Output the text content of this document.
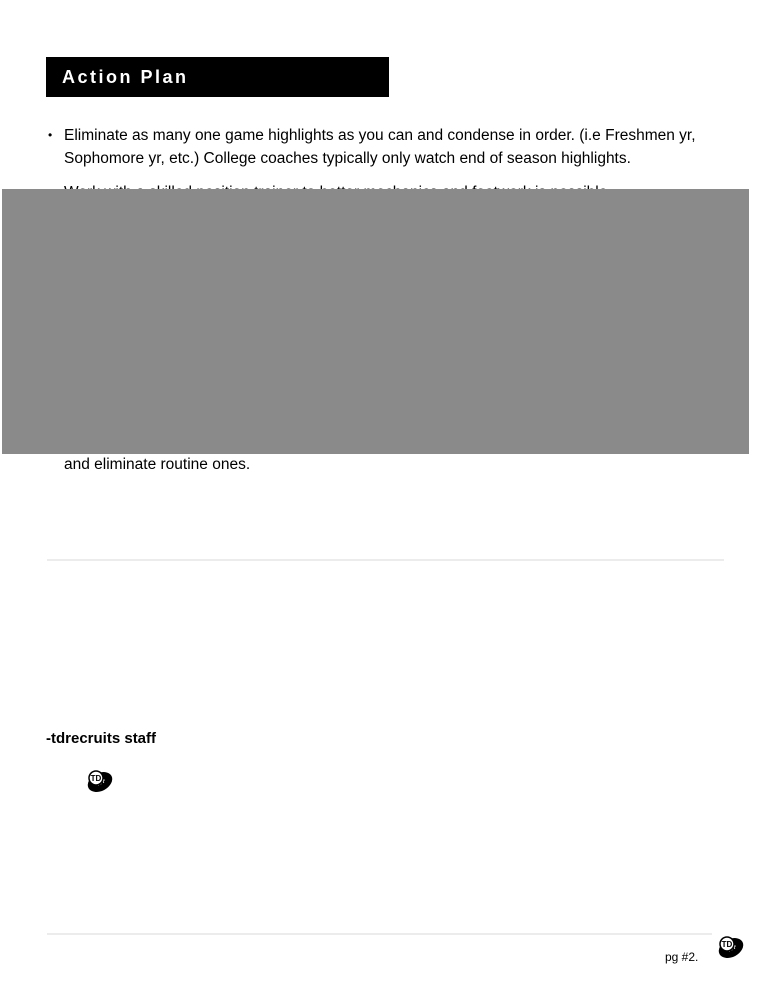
Action Plan
• Eliminate as many one game highlights as you can and condense in order. (i.e Freshmen yr, Sophomore yr, etc.) College coaches typically only watch end of season highlights.
•
and eliminate routine ones.
-tdrecruits staff
TD
pg #2.
TD
